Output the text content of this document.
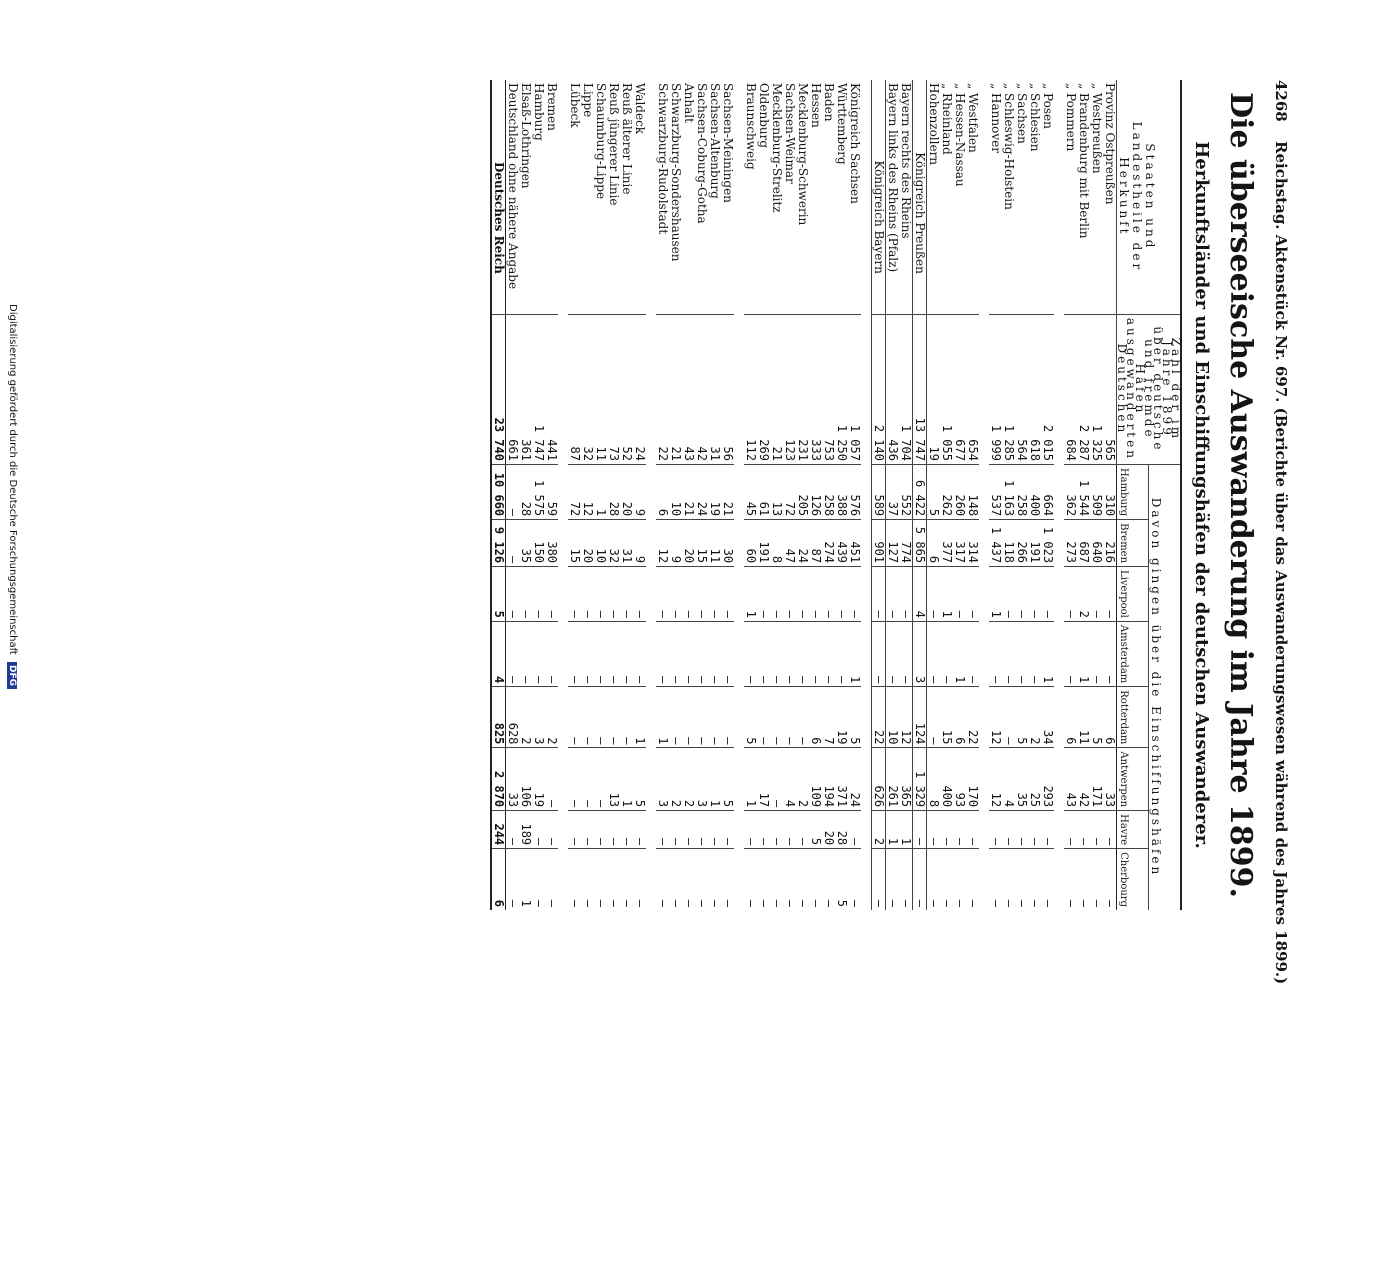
Digitalisierung gefördert durch die Deutsche Forschungsgemeinschaft DFG
4268 Reichstag. Aktenstück Nr. 697. (Berichte über das Auswanderungswesen während des Jahres 1899.)
Die überseeische Auswanderung im Jahre 1899.
Herkunftsländer und Einschiffungshäfen der deutschen Auswanderer.
Staaten und Landestheile der Herkunft	Zahl der im Jahre 1899 über deutsche und fremde Häfen ausgewanderten Deutschen	Davon gingen über die Einschiffungshäfen							
		Hamburg	Bremen	Liverpool	Amsterdam	Rotterdam	Antwerpen	Havre	Cherbourg
Provinz Ostpreußen	565	310	216	—	—	6	33	—	—
„ Westpreußen	1 325	509	640	—	—	5	171	—	—
„ Brandenburg mit Berlin	2 287	1 544	687	2	1	11	42	—	—
„ Pommern	684	362	273	—	—	6	43	—	—

„ Posen	2 015	664	1 023	—	1	34	293	—	—
„ Schlesien	618	400	191	—	—	2	25	—	—
„ Sachsen	564	258	266	—	—	5	35	—	—
„ Schleswig-Holstein	1 285	1 163	118	—	—	—	4	—	—
„ Hannover	1 999	537	1 437	1	—	12	12	—	—

„ Westfalen	654	148	314	—	—	22	170	—	—
„ Hessen-Nassau	677	260	317	—	1	6	93	—	—
„ Rheinland	1 055	262	377	1	—	15	400	—	—
Hohenzollern	19	5	6	—	—	—	8	—	—
Königreich Preußen	13 747	6 422	5 865	4	3	124	1 329	—	—
Bayern rechts des Rheins	1 704	552	774	—	—	12	365	1	—
Bayern links des Rheins (Pfalz)	436	37	127	—	—	10	261	1	—
Königreich Bayern	2 140	589	901	—	—	22	626	2	—

Königreich Sachsen	1 057	576	451	—	1	5	24	—	—
Württemberg	1 250	388	439	—	—	19	371	28	5
Baden	753	258	274	—	—	7	194	20	—
Hessen	333	126	87	—	—	6	109	5	—
Mecklenburg-Schwerin	231	205	24	—	—	—	2	—	—
Sachsen-Weimar	123	72	47	—	—	—	4	—	—
Mecklenburg-Strelitz	21	13	8	—	—	—	—	—	—
Oldenburg	269	61	191	—	—	—	17	—	—
Braunschweig	112	45	60	1	—	5	1	—	—

Sachsen-Meiningen	56	21	30	—	—	—	5	—	—
Sachsen-Altenburg	31	19	11	—	—	—	1	—	—
Sachsen-Coburg-Gotha	42	24	15	—	—	—	3	—	—
Anhalt	43	21	20	—	—	—	2	—	—
Schwarzburg-Sondershausen	21	10	9	—	—	—	2	—	—
Schwarzburg-Rudolstadt	22	6	12	—	—	1	3	—	—

Waldeck	24	9	9	—	—	1	5	—	—
Reuß älterer Linie	52	20	31	—	—	—	1	—	—
Reuß jüngerer Linie	73	28	32	—	—	—	13	—	—
Schaumburg-Lippe	11	1	10	—	—	—	—	—	—
Lippe	32	12	20	—	—	—	—	—	—
Lübeck	87	72	15	—	—	—	—	—	—

Bremen	441	59	380	—	—	2	—	—	—
Hamburg	1 747	1 575	150	—	—	3	19	—	—
Elsaß-Lothringen	361	28	35	—	—	2	106	189	1
Deutschland ohne nähere Angabe	661	—	—	—	—	628	33	—	—
Deutsches Reich	23 740	10 660	9 126	5	4	825	2 870	244	6
